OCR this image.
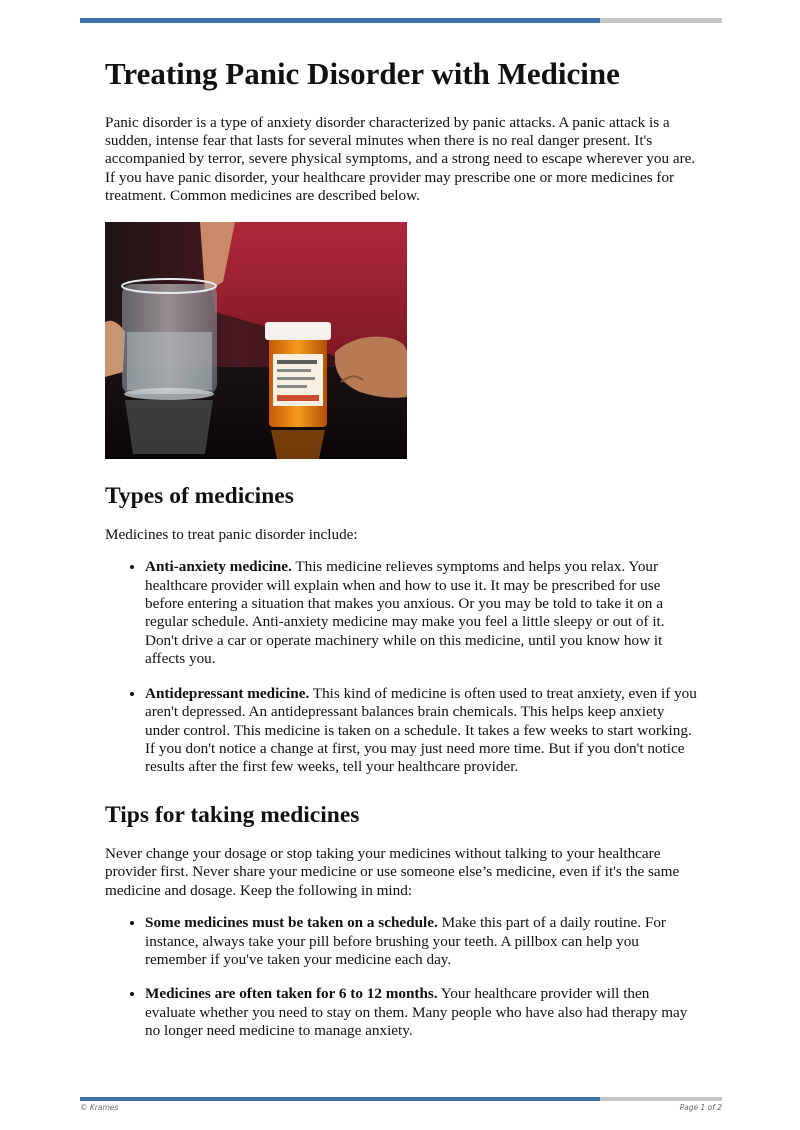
Treating Panic Disorder with Medicine

Panic disorder is a type of anxiety disorder characterized by panic attacks. A panic attack is a sudden, intense fear that lasts for several minutes when there is no real danger present. It's accompanied by terror, severe physical symptoms, and a strong need to escape wherever you are. If you have panic disorder, your healthcare provider may prescribe one or more medicines for treatment. Common medicines are described below.

Types of medicines

Medicines to treat panic disorder include:

• Anti-anxiety medicine. This medicine relieves symptoms and helps you relax. Your healthcare provider will explain when and how to use it. It may be prescribed for use before entering a situation that makes you anxious. Or you may be told to take it on a regular schedule. Anti-anxiety medicine may make you feel a little sleepy or out of it. Don't drive a car or operate machinery while on this medicine, until you know how it affects you.
• Antidepressant medicine. This kind of medicine is often used to treat anxiety, even if you aren't depressed. An antidepressant balances brain chemicals. This helps keep anxiety under control. This medicine is taken on a schedule. It takes a few weeks to start working. If you don't notice a change at first, you may just need more time. But if you don't notice results after the first few weeks, tell your healthcare provider.
Tips for taking medicines

Never change your dosage or stop taking your medicines without talking to your healthcare provider first. Never share your medicine or use someone else’s medicine, even if it's the same medicine and dosage. Keep the following in mind:

• Some medicines must be taken on a schedule. Make this part of a daily routine. For instance, always take your pill before brushing your teeth. A pillbox can help you remember if you've taken your medicine each day.
• Medicines are often taken for 6 to 12 months. Your healthcare provider will then evaluate whether you need to stay on them. Many people who have also had therapy may no longer need medicine to manage anxiety.
© Krames	Page 1 of 2
